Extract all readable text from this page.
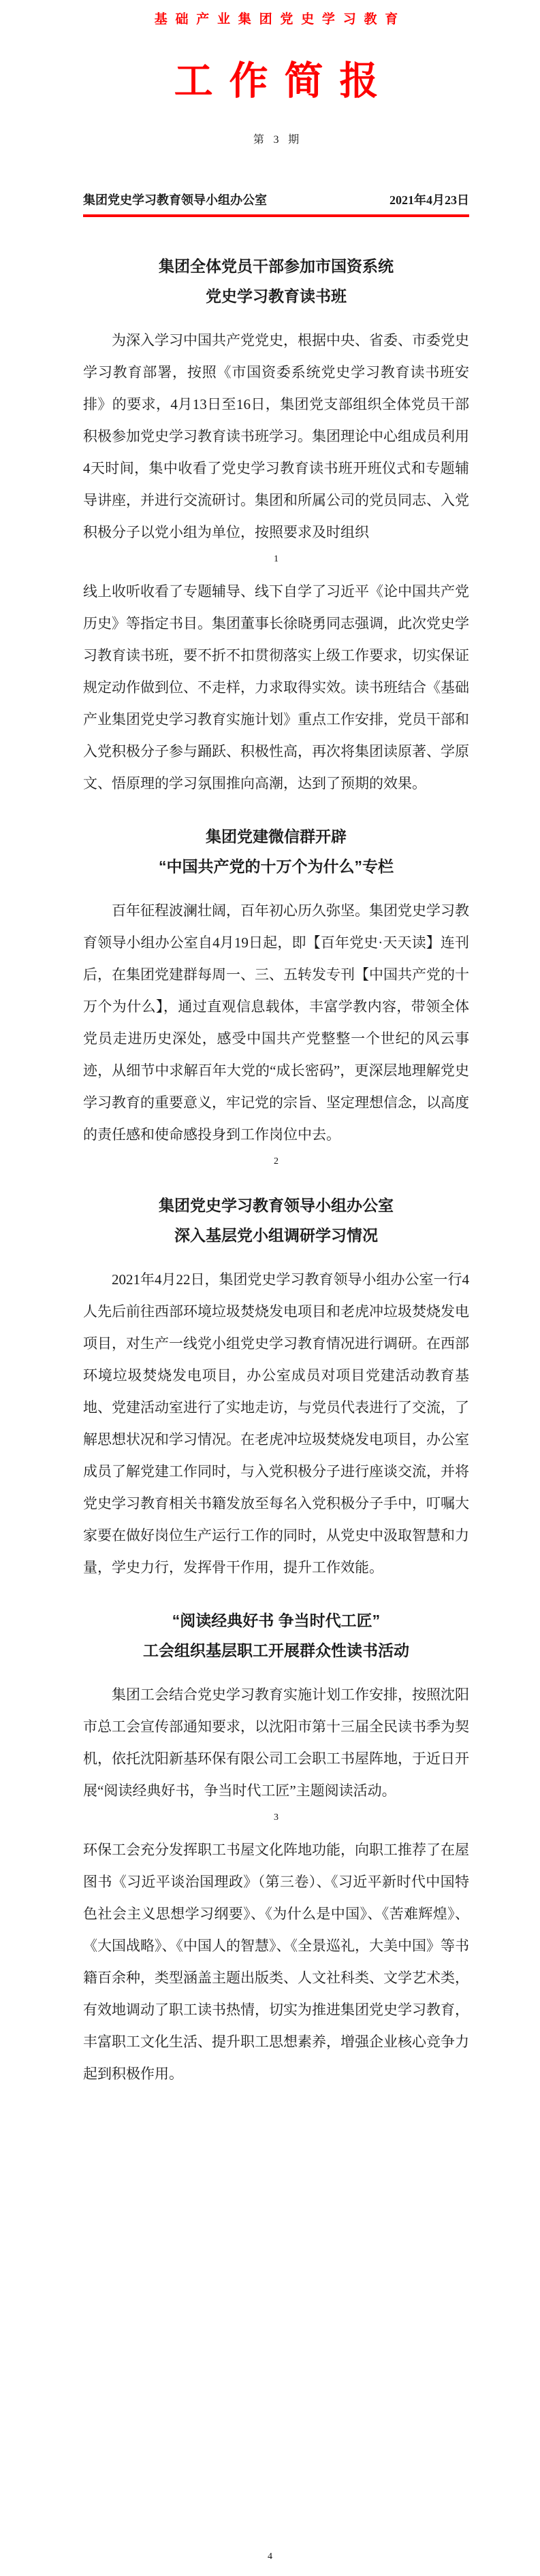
基础产业集团党史学习教育
工作简报
第 3 期
集团党史学习教育领导小组办公室	2021年4月23日
集团全体党员干部参加市国资系统
党史学习教育读书班

为深入学习中国共产党党史，根据中央、省委、市委党史学习教育部署，按照《市国资委系统党史学习教育读书班安排》的要求，4月13日至16日，集团党支部组织全体党员干部积极参加党史学习教育读书班学习。集团理论中心组成员利用4天时间，集中收看了党史学习教育读书班开班仪式和专题辅导讲座，并进行交流研讨。集团和所属公司的党员同志、入党积极分子以党小组为单位，按照要求及时组织

1

线上收听收看了专题辅导、线下自学了习近平《论中国共产党历史》等指定书目。集团董事长徐晓勇同志强调，此次党史学习教育读书班，要不折不扣贯彻落实上级工作要求，切实保证规定动作做到位、不走样，力求取得实效。读书班结合《基础产业集团党史学习教育实施计划》重点工作安排，党员干部和入党积极分子参与踊跃、积极性高，再次将集团读原著、学原文、悟原理的学习氛围推向高潮，达到了预期的效果。

集团党建微信群开辟
“中国共产党的十万个为什么”专栏

百年征程波澜壮阔，百年初心历久弥坚。集团党史学习教育领导小组办公室自4月19日起，即【百年党史·天天读】连刊后，在集团党建群每周一、三、五转发专刊【中国共产党的十万个为什么】，通过直观信息载体，丰富学教内容，带领全体党员走进历史深处，感受中国共产党整整一个世纪的风云事迹，从细节中求解百年大党的“成长密码”，更深层地理解党史学习教育的重要意义，牢记党的宗旨、坚定理想信念，以高度的责任感和使命感投身到工作岗位中去。

2
集团党史学习教育领导小组办公室
深入基层党小组调研学习情况

2021年4月22日，集团党史学习教育领导小组办公室一行4人先后前往西部环境垃圾焚烧发电项目和老虎冲垃圾焚烧发电项目，对生产一线党小组党史学习教育情况进行调研。在西部环境垃圾焚烧发电项目，办公室成员对项目党建活动教育基地、党建活动室进行了实地走访，与党员代表进行了交流，了解思想状况和学习情况。在老虎冲垃圾焚烧发电项目，办公室成员了解党建工作同时，与入党积极分子进行座谈交流，并将党史学习教育相关书籍发放至每名入党积极分子手中，叮嘱大家要在做好岗位生产运行工作的同时，从党史中汲取智慧和力量，学史力行，发挥骨干作用，提升工作效能。

“阅读经典好书 争当时代工匠”
工会组织基层职工开展群众性读书活动

集团工会结合党史学习教育实施计划工作安排，按照沈阳市总工会宣传部通知要求，以沈阳市第十三届全民读书季为契机，依托沈阳新基环保有限公司工会职工书屋阵地，于近日开展“阅读经典好书，争当时代工匠”主题阅读活动。

3

环保工会充分发挥职工书屋文化阵地功能，向职工推荐了在屋图书《习近平谈治国理政》（第三卷）、《习近平新时代中国特色社会主义思想学习纲要》、《为什么是中国》、《苦难辉煌》、《大国战略》、《中国人的智慧》、《全景巡礼，大美中国》等书籍百余种，类型涵盖主题出版类、人文社科类、文学艺术类，有效地调动了职工读书热情，切实为推进集团党史学习教育，丰富职工文化生活、提升职工思想素养，增强企业核心竞争力起到积极作用。

4
